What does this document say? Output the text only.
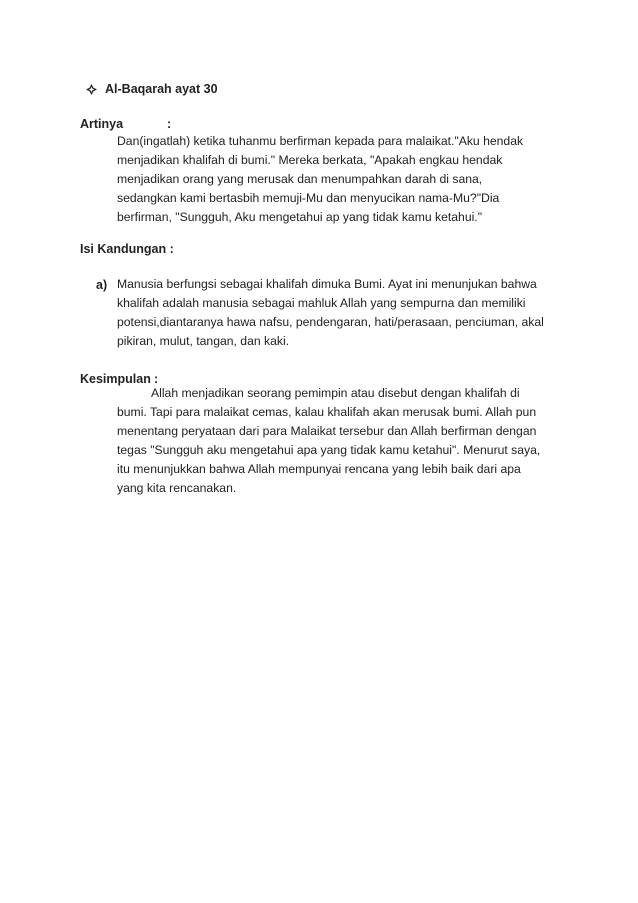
Al-Baqarah ayat 30
Artinya	:
Dan(ingatlah) ketika tuhanmu berfirman kepada para malaikat."Aku hendak
menjadikan khalifah di bumi." Mereka berkata, "Apakah engkau hendak
menjadikan orang yang merusak dan menumpahkan darah di sana,
sedangkan kami bertasbih memuji-Mu dan menyucikan nama-Mu?"Dia
berfirman, "Sungguh, Aku mengetahui ap yang tidak kamu ketahui."
Isi Kandungan :
a) Manusia berfungsi sebagai khalifah dimuka Bumi. Ayat ini menunjukan bahwa
khalifah adalah manusia sebagai mahluk Allah yang sempurna dan memiliki
potensi,diantaranya hawa nafsu, pendengaran, hati/perasaan, penciuman, akal
pikiran, mulut, tangan, dan kaki.
Kesimpulan :
Allah menjadikan seorang pemimpin atau disebut dengan khalifah di
bumi. Tapi para malaikat cemas, kalau khalifah akan merusak bumi. Allah pun
menentang peryataan dari para Malaikat tersebur dan Allah berfirman dengan
tegas "Sungguh aku mengetahui apa yang tidak kamu ketahui". Menurut saya,
itu menunjukkan bahwa Allah mempunyai rencana yang lebih baik dari apa
yang kita rencanakan.
